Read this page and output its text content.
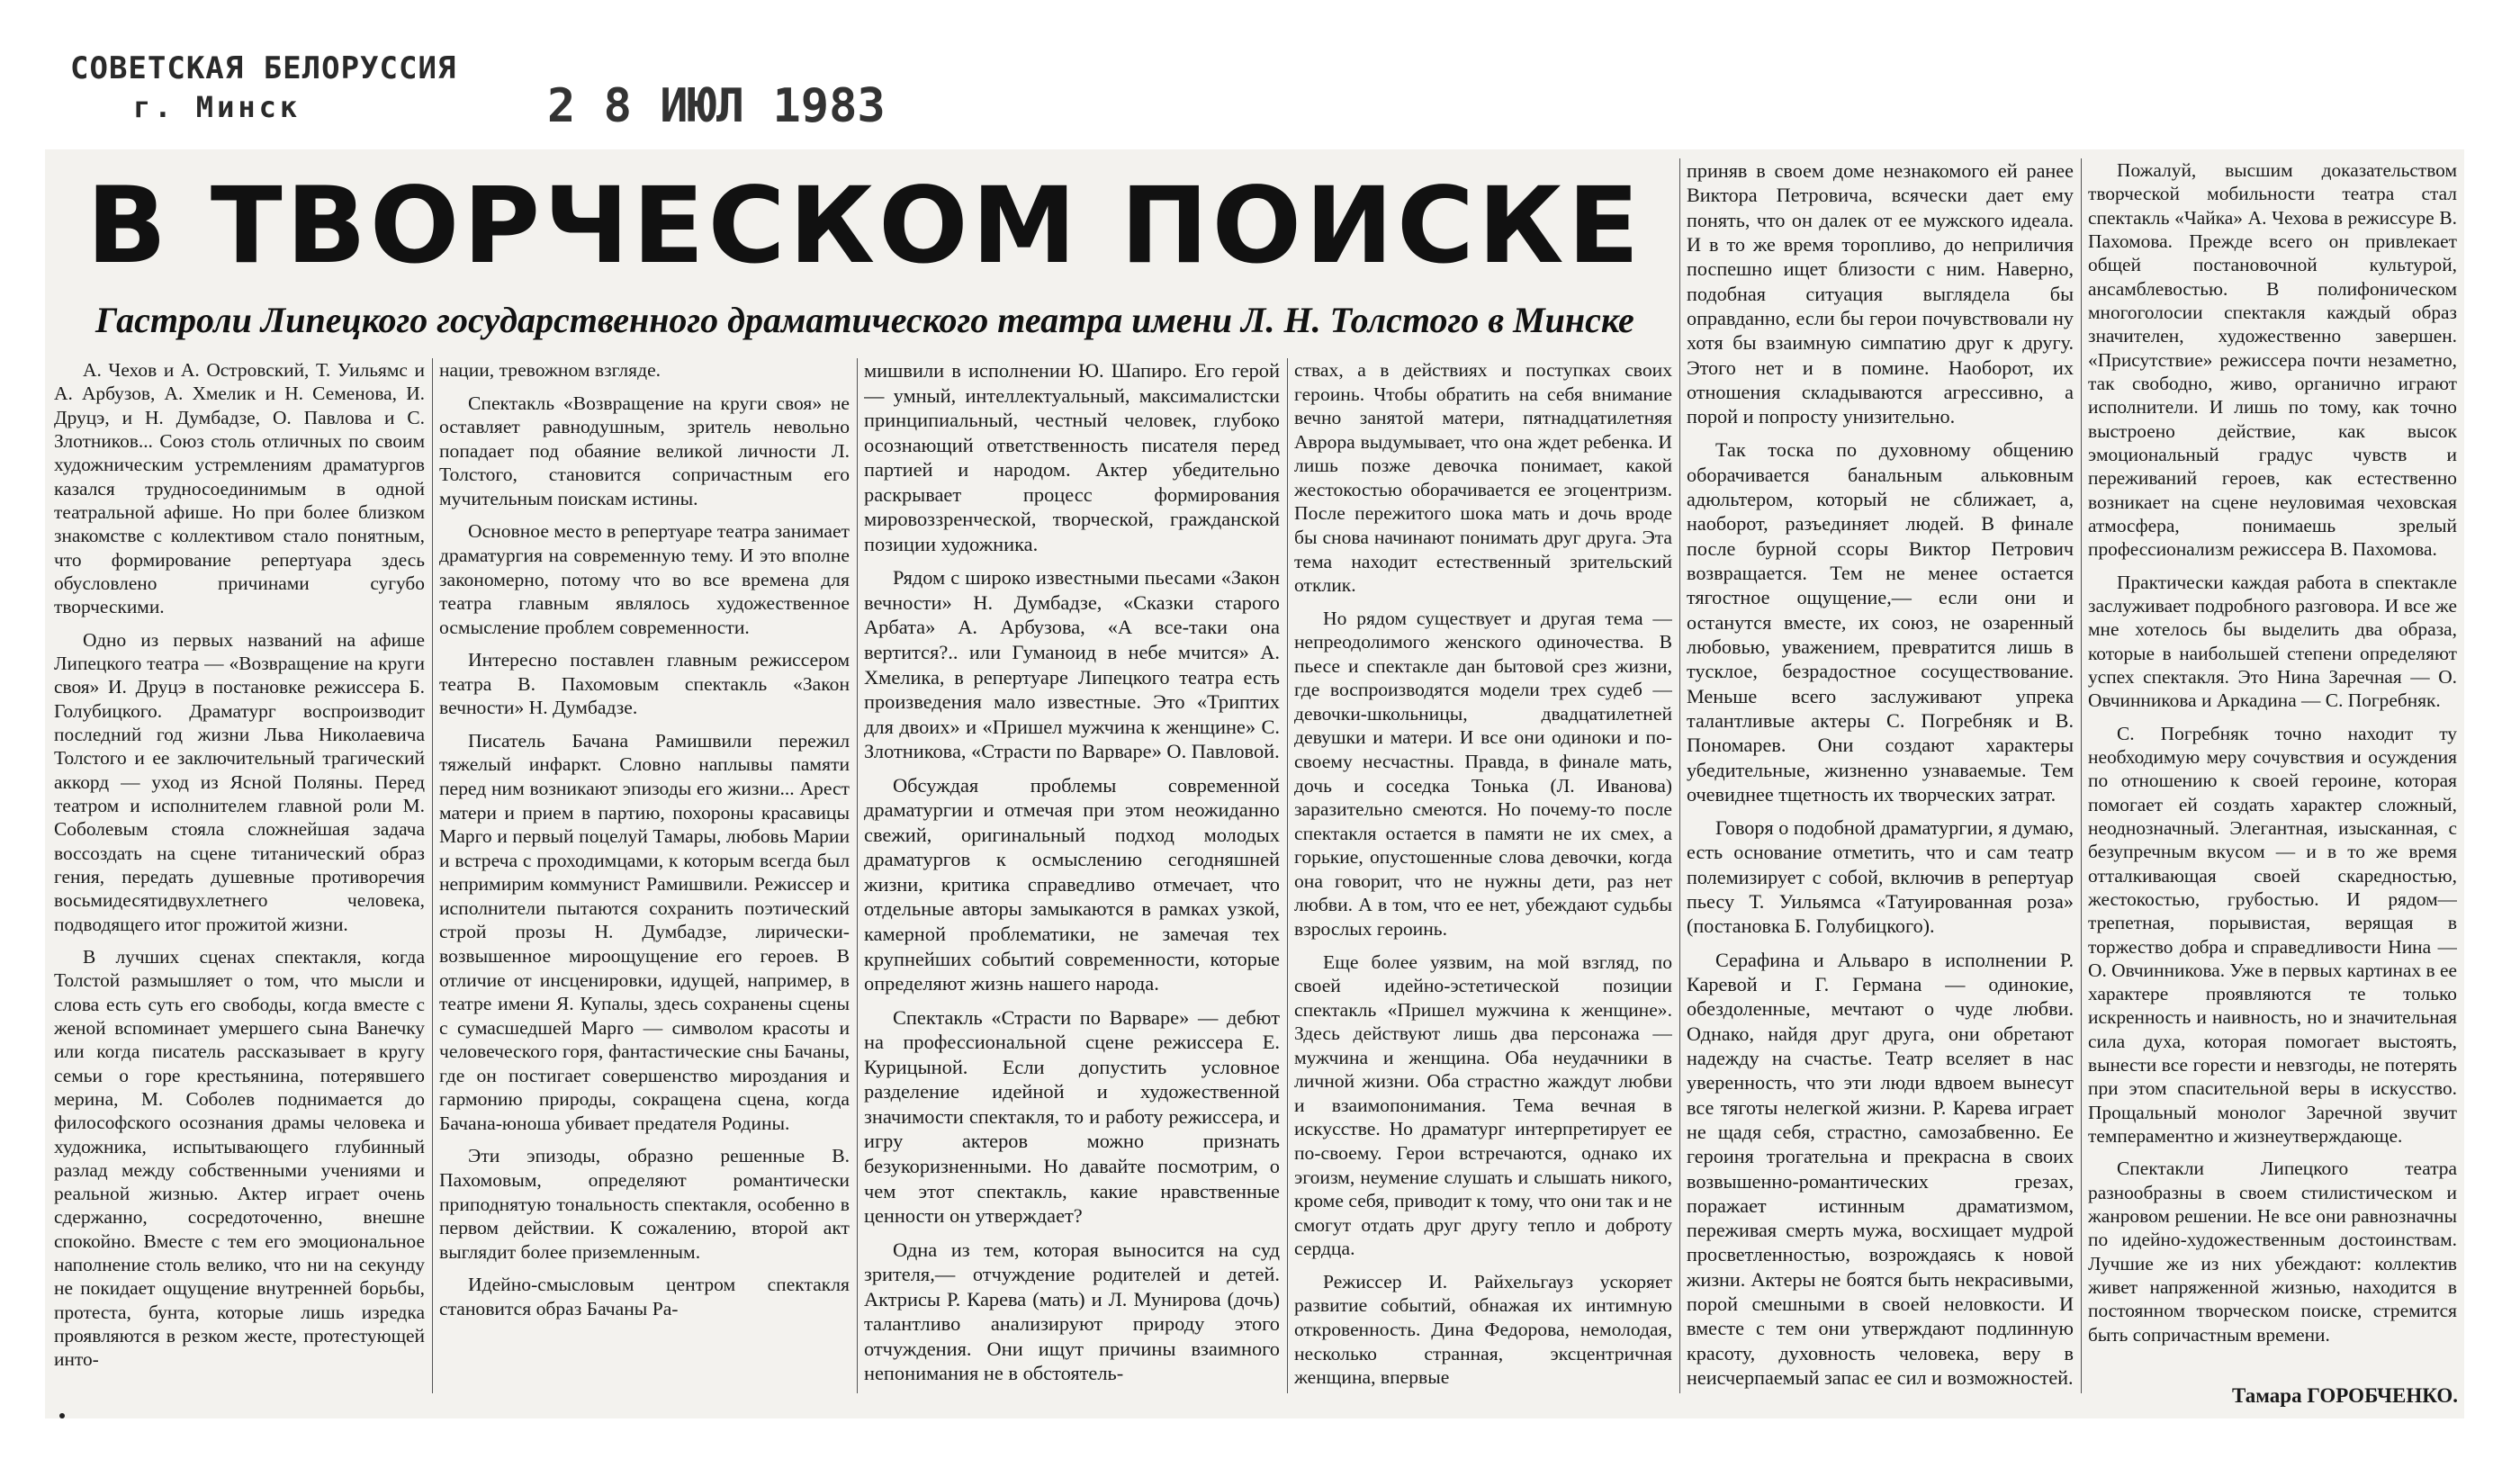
СОВЕТСКАЯ БЕЛОРУССИЯ
г. Минск	2 8 ИЮЛ 1983
В ТВОРЧЕСКОМ ПОИСКЕ
Гастроли Липецкого государственного драматического театра имени Л. Н. Толстого в Минске

А. Чехов и А. Островский, Т. Уильямс и А. Арбузов, А. Хмелик и Н. Семенова, И. Друцэ, и Н. Думбадзе, О. Павлова и С. Злотников... Союз столь отличных по своим художническим устремлениям драматургов казался трудносоединимым в одной театральной афише. Но при более близком знакомстве с коллективом стало понятным, что формирование репертуара здесь обусловлено причинами сугубо творческими.

Одно из первых названий на афише Липецкого театра — «Возвращение на круги своя» И. Друцэ в постановке режиссера Б. Голубицкого. Драматург воспроизводит последний год жизни Льва Николаевича Толстого и ее заключительный трагический аккорд — уход из Ясной Поляны. Перед театром и исполнителем главной роли М. Соболевым стояла сложнейшая задача воссоздать на сцене титанический образ гения, передать душевные противоречия восьмидесятидвухлетнего человека, подводящего итог прожитой жизни.

В лучших сценах спектакля, когда Толстой размышляет о том, что мысли и слова есть суть его свободы, когда вместе с женой вспоминает умершего сына Ванечку или когда писатель рассказывает в кругу семьи о горе крестьянина, потерявшего мерина, М. Соболев поднимается до философского осознания драмы человека и художника, испытывающего глубинный разлад между собственными учениями и реальной жизнью. Актер играет очень сдержанно, сосредоточенно, внешне спокойно. Вместе с тем его эмоциональное наполнение столь велико, что ни на секунду не покидает ощущение внутренней борьбы, протеста, бунта, которые лишь изредка проявляются в резком жесте, протестующей инто-

нации, тревожном взгляде.

Спектакль «Возвращение на круги своя» не оставляет равнодушным, зритель невольно попадает под обаяние великой личности Л. Толстого, становится сопричастным его мучительным поискам истины.

Основное место в репертуаре театра занимает драматургия на современную тему. И это вполне закономерно, потому что во все времена для театра главным являлось художественное осмысление проблем современности.

Интересно поставлен главным режиссером театра В. Пахомовым спектакль «Закон вечности» Н. Думбадзе.

Писатель Бачана Рамишвили пережил тяжелый инфаркт. Словно наплывы памяти перед ним возникают эпизоды его жизни... Арест матери и прием в партию, похороны красавицы Марго и первый поцелуй Тамары, любовь Марии и встреча с проходимцами, к которым всегда был непримирим коммунист Рамишвили. Режиссер и исполнители пытаются сохранить поэтический строй прозы Н. Думбадзе, лирически-возвышенное мироощущение его героев. В отличие от инсценировки, идущей, например, в театре имени Я. Купалы, здесь сохранены сцены с сумасшедшей Марго — символом красоты и человеческого горя, фантастические сны Бачаны, где он постигает совершенство мироздания и гармонию природы, сокращена сцена, когда Бачана-юноша убивает предателя Родины.

Эти эпизоды, образно решенные В. Пахомовым, определяют романтически приподнятую тональность спектакля, особенно в первом действии. К сожалению, второй акт выглядит более приземленным.

Идейно-смысловым центром спектакля становится образ Бачаны Ра-

мишвили в исполнении Ю. Шапиро. Его герой — умный, интеллектуальный, максималистски принципиальный, честный человек, глубоко осознающий ответственность писателя перед партией и народом. Актер убедительно раскрывает процесс формирования мировоззренческой, творческой, гражданской позиции художника.

Рядом с широко известными пьесами «Закон вечности» Н. Думбадзе, «Сказки старого Арбата» А. Арбузова, «А все-таки она вертится?.. или Гуманоид в небе мчится» А. Хмелика, в репертуаре Липецкого театра есть произведения мало известные. Это «Триптих для двоих» и «Пришел мужчина к женщине» С. Злотникова, «Страсти по Варваре» О. Павловой.

Обсуждая проблемы современной драматургии и отмечая при этом неожиданно свежий, оригинальный подход молодых драматургов к осмыслению сегодняшней жизни, критика справедливо отмечает, что отдельные авторы замыкаются в рамках узкой, камерной проблематики, не замечая тех крупнейших событий современности, которые определяют жизнь нашего народа.

Спектакль «Страсти по Варваре» — дебют на профессиональной сцене режиссера Е. Курицыной. Если допустить условное разделение идейной и художественной значимости спектакля, то и работу режиссера, и игру актеров можно признать безукоризненными. Но давайте посмотрим, о чем этот спектакль, какие нравственные ценности он утверждает?

Одна из тем, которая выносится на суд зрителя,— отчуждение родителей и детей. Актрисы Р. Карева (мать) и Л. Мунирова (дочь) талантливо анализируют природу этого отчуждения. Они ищут причины взаимного непонимания не в обстоятель-

ствах, а в действиях и поступках своих героинь. Чтобы обратить на себя внимание вечно занятой матери, пятнадцатилетняя Аврора выдумывает, что она ждет ребенка. И лишь позже девочка понимает, какой жестокостью оборачивается ее эгоцентризм. После пережитого шока мать и дочь вроде бы снова начинают понимать друг друга. Эта тема находит естественный зрительский отклик.

Но рядом существует и другая тема — непреодолимого женского одиночества. В пьесе и спектакле дан бытовой срез жизни, где воспроизводятся модели трех судеб — девочки-школьницы, двадцатилетней девушки и матери. И все они одиноки и по-своему несчастны. Правда, в финале мать, дочь и соседка Тонька (Л. Иванова) заразительно смеются. Но почему-то после спектакля остается в памяти не их смех, а горькие, опустошенные слова девочки, когда она говорит, что не нужны дети, раз нет любви. А в том, что ее нет, убеждают судьбы взрослых героинь.

Еще более уязвим, на мой взгляд, по своей идейно-эстетической позиции спектакль «Пришел мужчина к женщине». Здесь действуют лишь два персонажа — мужчина и женщина. Оба неудачники в личной жизни. Оба страстно жаждут любви и взаимопонимания. Тема вечная в искусстве. Но драматург интерпретирует ее по-своему. Герои встречаются, однако их эгоизм, неумение слушать и слышать никого, кроме себя, приводит к тому, что они так и не смогут отдать друг другу тепло и доброту сердца.

Режиссер И. Райхельгауз ускоряет развитие событий, обнажая их интимную откровенность. Дина Федорова, немолодая, несколько странная, эксцентричная женщина, впервые

приняв в своем доме незнакомого ей ранее Виктора Петровича, всячески дает ему понять, что он далек от ее мужского идеала. И в то же время торопливо, до неприличия поспешно ищет близости с ним. Наверно, подобная ситуация выглядела бы оправданно, если бы герои почувствовали ну хотя бы взаимную симпатию друг к другу. Этого нет и в помине. Наоборот, их отношения складываются агрессивно, а порой и попросту унизительно.

Так тоска по духовному общению оборачивается банальным альковным адюльтером, который не сближает, а, наоборот, разъединяет людей. В финале после бурной ссоры Виктор Петрович возвращается. Тем не менее остается тягостное ощущение,— если они и останутся вместе, их союз, не озаренный любовью, уважением, превратится лишь в тусклое, безрадостное сосуществование. Меньше всего заслуживают упрека талантливые актеры С. Погребняк и В. Пономарев. Они создают характеры убедительные, жизненно узнаваемые. Тем очевиднее тщетность их творческих затрат.

Говоря о подобной драматургии, я думаю, есть основание отметить, что и сам театр полемизирует с собой, включив в репертуар пьесу Т. Уильямса «Татуированная роза» (постановка Б. Голубицкого).

Серафина и Альваро в исполнении Р. Каревой и Г. Германа — одинокие, обездоленные, мечтают о чуде любви. Однако, найдя друг друга, они обретают надежду на счастье. Театр вселяет в нас уверенность, что эти люди вдвоем вынесут все тяготы нелегкой жизни. Р. Карева играет не щадя себя, страстно, самозабвенно. Ее героиня трогательна и прекрасна в своих возвышенно-романтических грезах, поражает истинным драматизмом, переживая смерть мужа, восхищает мудрой просветленностью, возрождаясь к новой жизни. Актеры не боятся быть некрасивыми, порой смешными в своей неловкости. И вместе с тем они утверждают подлинную красоту, духовность человека, веру в неисчерпаемый запас ее сил и возможностей.

Пожалуй, высшим доказательством творческой мобильности театра стал спектакль «Чайка» А. Чехова в режиссуре В. Пахомова. Прежде всего он привлекает общей постановочной культурой, ансамблевостью. В полифоническом многоголосии спектакля каждый образ значителен, художественно завершен. «Присутствие» режиссера почти незаметно, так свободно, живо, органично играют исполнители. И лишь по тому, как точно выстроено действие, как высок эмоциональный градус чувств и переживаний героев, как естественно возникает на сцене неуловимая чеховская атмосфера, понимаешь зрелый профессионализм режиссера В. Пахомова.

Практически каждая работа в спектакле заслуживает подробного разговора. И все же мне хотелось бы выделить два образа, которые в наибольшей степени определяют успех спектакля. Это Нина Заречная — О. Овчинникова и Аркадина — С. Погребняк.

С. Погребняк точно находит ту необходимую меру сочувствия и осуждения по отношению к своей героине, которая помогает ей создать характер сложный, неоднозначный. Элегантная, изысканная, с безупречным вкусом — и в то же время отталкивающая своей скаредностью, жестокостью, грубостью. И рядом— трепетная, порывистая, верящая в торжество добра и справедливости Нина — О. Овчинникова. Уже в первых картинах в ее характере проявляются те только искренность и наивность, но и значительная сила духа, которая помогает выстоять, вынести все горести и невзгоды, не потерять при этом спасительной веры в искусство. Прощальный монолог Заречной звучит темпераментно и жизнеутверждающе.

Спектакли Липецкого театра разнообразны в своем стилистическом и жанровом решении. Не все они равнозначны по идейно-художественным достоинствам. Лучшие же из них убеждают: коллектив живет напряженной жизнью, находится в постоянном творческом поиске, стремится быть сопричастным времени.

Тамара ГОРОБЧЕНКО.
